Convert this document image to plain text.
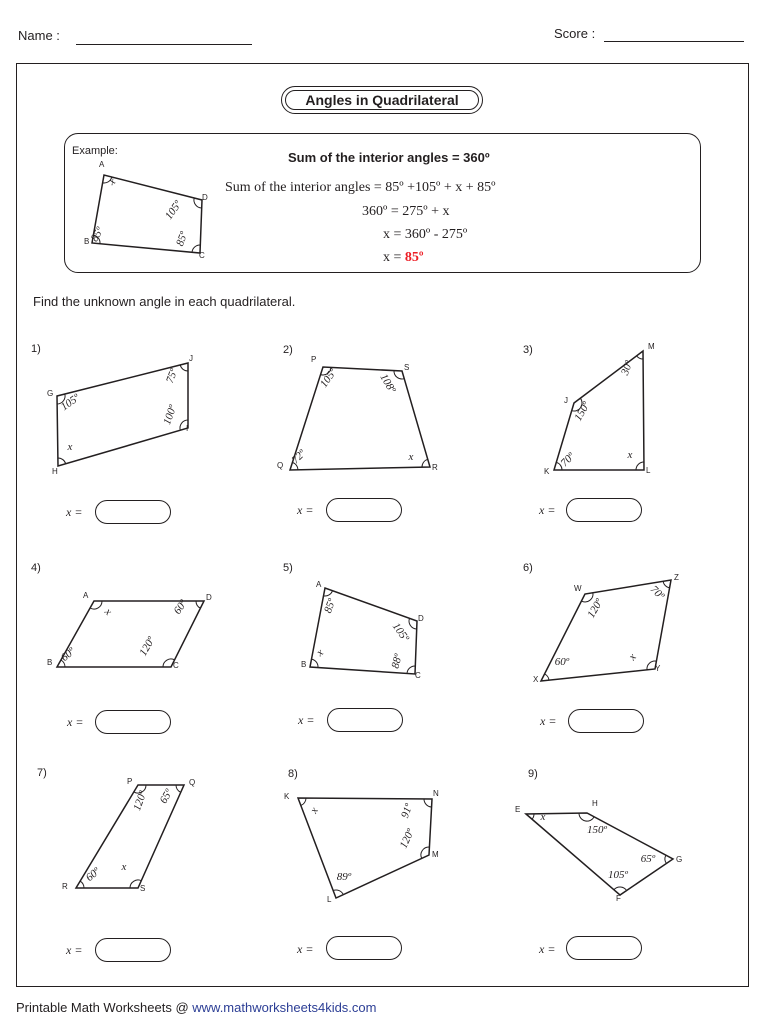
Name :	Score :
Angles in Quadrilateral
Example:	Sum of the interior angles = 360º
Sum of the interior angles = 85º +105º + x + 85º
360º = 275º + x
x = 360º - 275º
x = 85º
Find the unknown angle in each quadrilateral.
1)	2)	3)
4)	5)	6)
7)	8)	9)
x =	x =	x =
x =	x =	x =
x =	x =	x =
A
x
B 85º
C
85º
D
105º
G 105º
H
x
I
100º
J
75º
P
105º
Q 72º
R
x
S
108º
J 150º
K
70º
L
x
M
30º
A
x
B 60º
C
120º
D
60º
A
85º
B
x
C
88º
D
105º
W
120º
X
60º
Y
x
Z
70º
P
120º
R
60º
S
x
Q
65º	K
x
L
89º
M
120º
N
91º	E
x
F
105º
G
65º
H
150º
Printable Math Worksheets @ www.mathworksheets4kids.com
